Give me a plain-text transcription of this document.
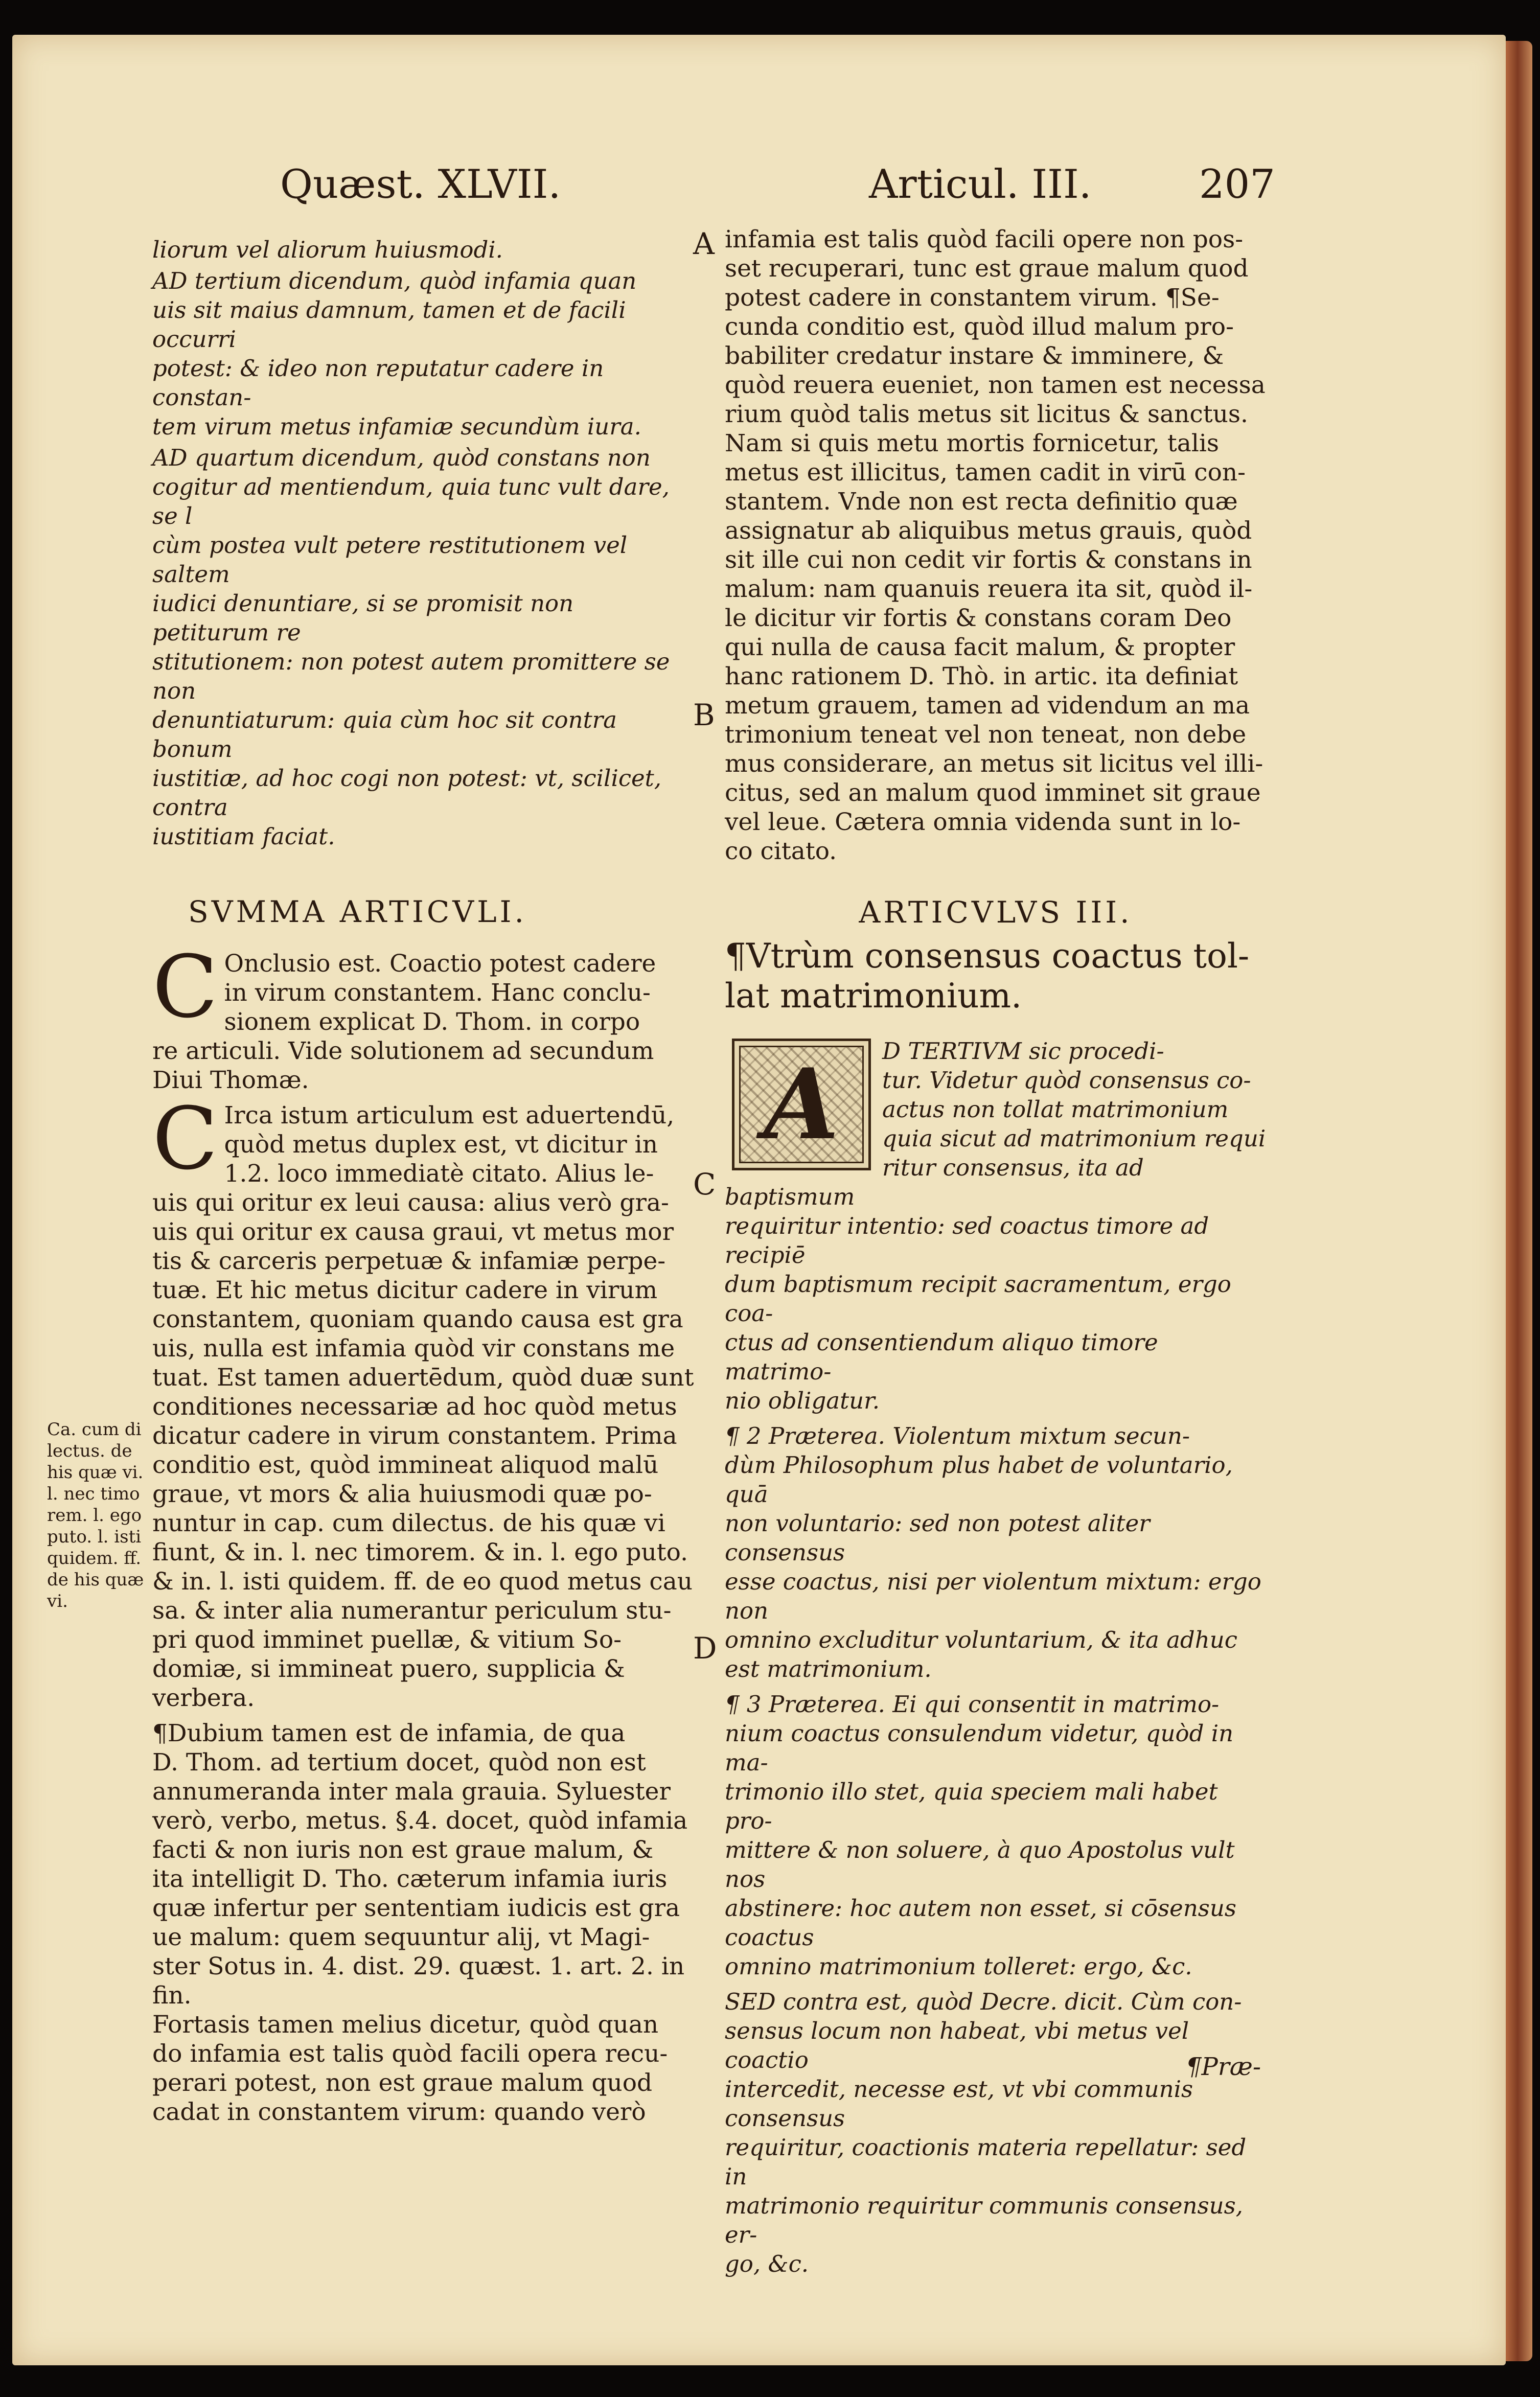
Quæst. XLVII.	Articul. III.	207
liorum vel aliorum huiusmodi.
AD tertium dicendum, quòd infamia quan
uis sit maius damnum, tamen et de facili occurri
potest: & ideo non reputatur cadere in constan-
tem virum metus infamiæ secundùm iura.
AD quartum dicendum, quòd constans non
cogitur ad mentiendum, quia tunc vult dare, se l
cùm postea vult petere restitutionem vel saltem
iudici denuntiare, si se promisit non petiturum re
stitutionem: non potest autem promittere se non
denuntiaturum: quia cùm hoc sit contra bonum
iustitiæ, ad hoc cogi non potest: vt, scilicet, contra
iustitiam faciat.
SVMMA ARTICVLI.
C Onclusio est. Coactio potest cadere
in virum constantem. Hanc conclu-
sionem explicat D. Thom. in corpo
re articuli. Vide solutionem ad secundum
Diui Thomæ.
C Irca istum articulum est aduertendū,
quòd metus duplex est, vt dicitur in
1.2. loco immediatè citato. Alius le-
uis qui oritur ex leui causa: alius verò gra-
uis qui oritur ex causa graui, vt metus mor
tis & carceris perpetuæ & infamiæ perpe-
tuæ. Et hic metus dicitur cadere in virum
constantem, quoniam quando causa est gra
uis, nulla est infamia quòd vir constans me
tuat. Est tamen aduertēdum, quòd duæ sunt
conditiones necessariæ ad hoc quòd metus
dicatur cadere in virum constantem. Prima
conditio est, quòd immineat aliquod malū
graue, vt mors & alia huiusmodi quæ po-
nuntur in cap. cum dilectus. de his quæ vi
fiunt, & in. l. nec timorem. & in. l. ego puto.
& in. l. isti quidem. ff. de eo quod metus cau
sa. & inter alia numerantur periculum stu-
pri quod imminet puellæ, & vitium So-
domiæ, si immineat puero, supplicia &
verbera.
¶Dubium tamen est de infamia, de qua
D. Thom. ad tertium docet, quòd non est
annumeranda inter mala grauia. Syluester
verò, verbo, metus. §.4. docet, quòd infamia
facti & non iuris non est graue malum, &
ita intelligit D. Tho. cæterum infamia iuris
quæ infertur per sententiam iudicis est gra
ue malum: quem sequuntur alij, vt Magi-
ster Sotus in. 4. dist. 29. quæst. 1. art. 2. in fin.
Fortasis tamen melius dicetur, quòd quan
do infamia est talis quòd facili opera recu-
perari potest, non est graue malum quod
cadat in constantem virum: quando verò
Ca. cum di
lectus. de
his quæ vi.
l. nec timo
rem. l. ego
puto. l. isti
quidem. ff.
de his quæ
vi.
A
B
C
D
infamia est talis quòd facili opere non pos-
set recuperari, tunc est graue malum quod
potest cadere in constantem virum. ¶Se-
cunda conditio est, quòd illud malum pro-
babiliter credatur instare & imminere, &
quòd reuera eueniet, non tamen est necessa
rium quòd talis metus sit licitus & sanctus.
Nam si quis metu mortis fornicetur, talis
metus est illicitus, tamen cadit in virū con-
stantem. Vnde non est recta definitio quæ
assignatur ab aliquibus metus grauis, quòd
sit ille cui non cedit vir fortis & constans in
malum: nam quanuis reuera ita sit, quòd il-
le dicitur vir fortis & constans coram Deo
qui nulla de causa facit malum, & propter
hanc rationem D. Thò. in artic. ita definiat
metum grauem, tamen ad videndum an ma
trimonium teneat vel non teneat, non debe
mus considerare, an metus sit licitus vel illi-
citus, sed an malum quod imminet sit graue
vel leue. Cætera omnia videnda sunt in lo-
co citato.
ARTICVLVS III.
¶Vtrùm consensus coactus tol-
lat matrimonium.
A D TERTIVM sic procedi-
tur. Videtur quòd consensus co-
actus non tollat matrimonium
quia sicut ad matrimonium requi
ritur consensus, ita ad baptismum
requiritur intentio: sed coactus timore ad recipiē
dum baptismum recipit sacramentum, ergo coa-
ctus ad consentiendum aliquo timore matrimo-
nio obligatur.
¶ 2 Præterea. Violentum mixtum secun-
dùm Philosophum plus habet de voluntario, quā
non voluntario: sed non potest aliter consensus
esse coactus, nisi per violentum mixtum: ergo non
omnino excluditur voluntarium, & ita adhuc
est matrimonium.
¶ 3 Præterea. Ei qui consentit in matrimo-
nium coactus consulendum videtur, quòd in ma-
trimonio illo stet, quia speciem mali habet pro-
mittere & non soluere, à quo Apostolus vult nos
abstinere: hoc autem non esset, si cōsensus coactus
omnino matrimonium tolleret: ergo, &c.
SED contra est, quòd Decre. dicit. Cùm con-
sensus locum non habeat, vbi metus vel coactio
intercedit, necesse est, vt vbi communis consensus
requiritur, coactionis materia repellatur: sed in
matrimonio requiritur communis consensus, er-
go, &c.
¶Præ-
